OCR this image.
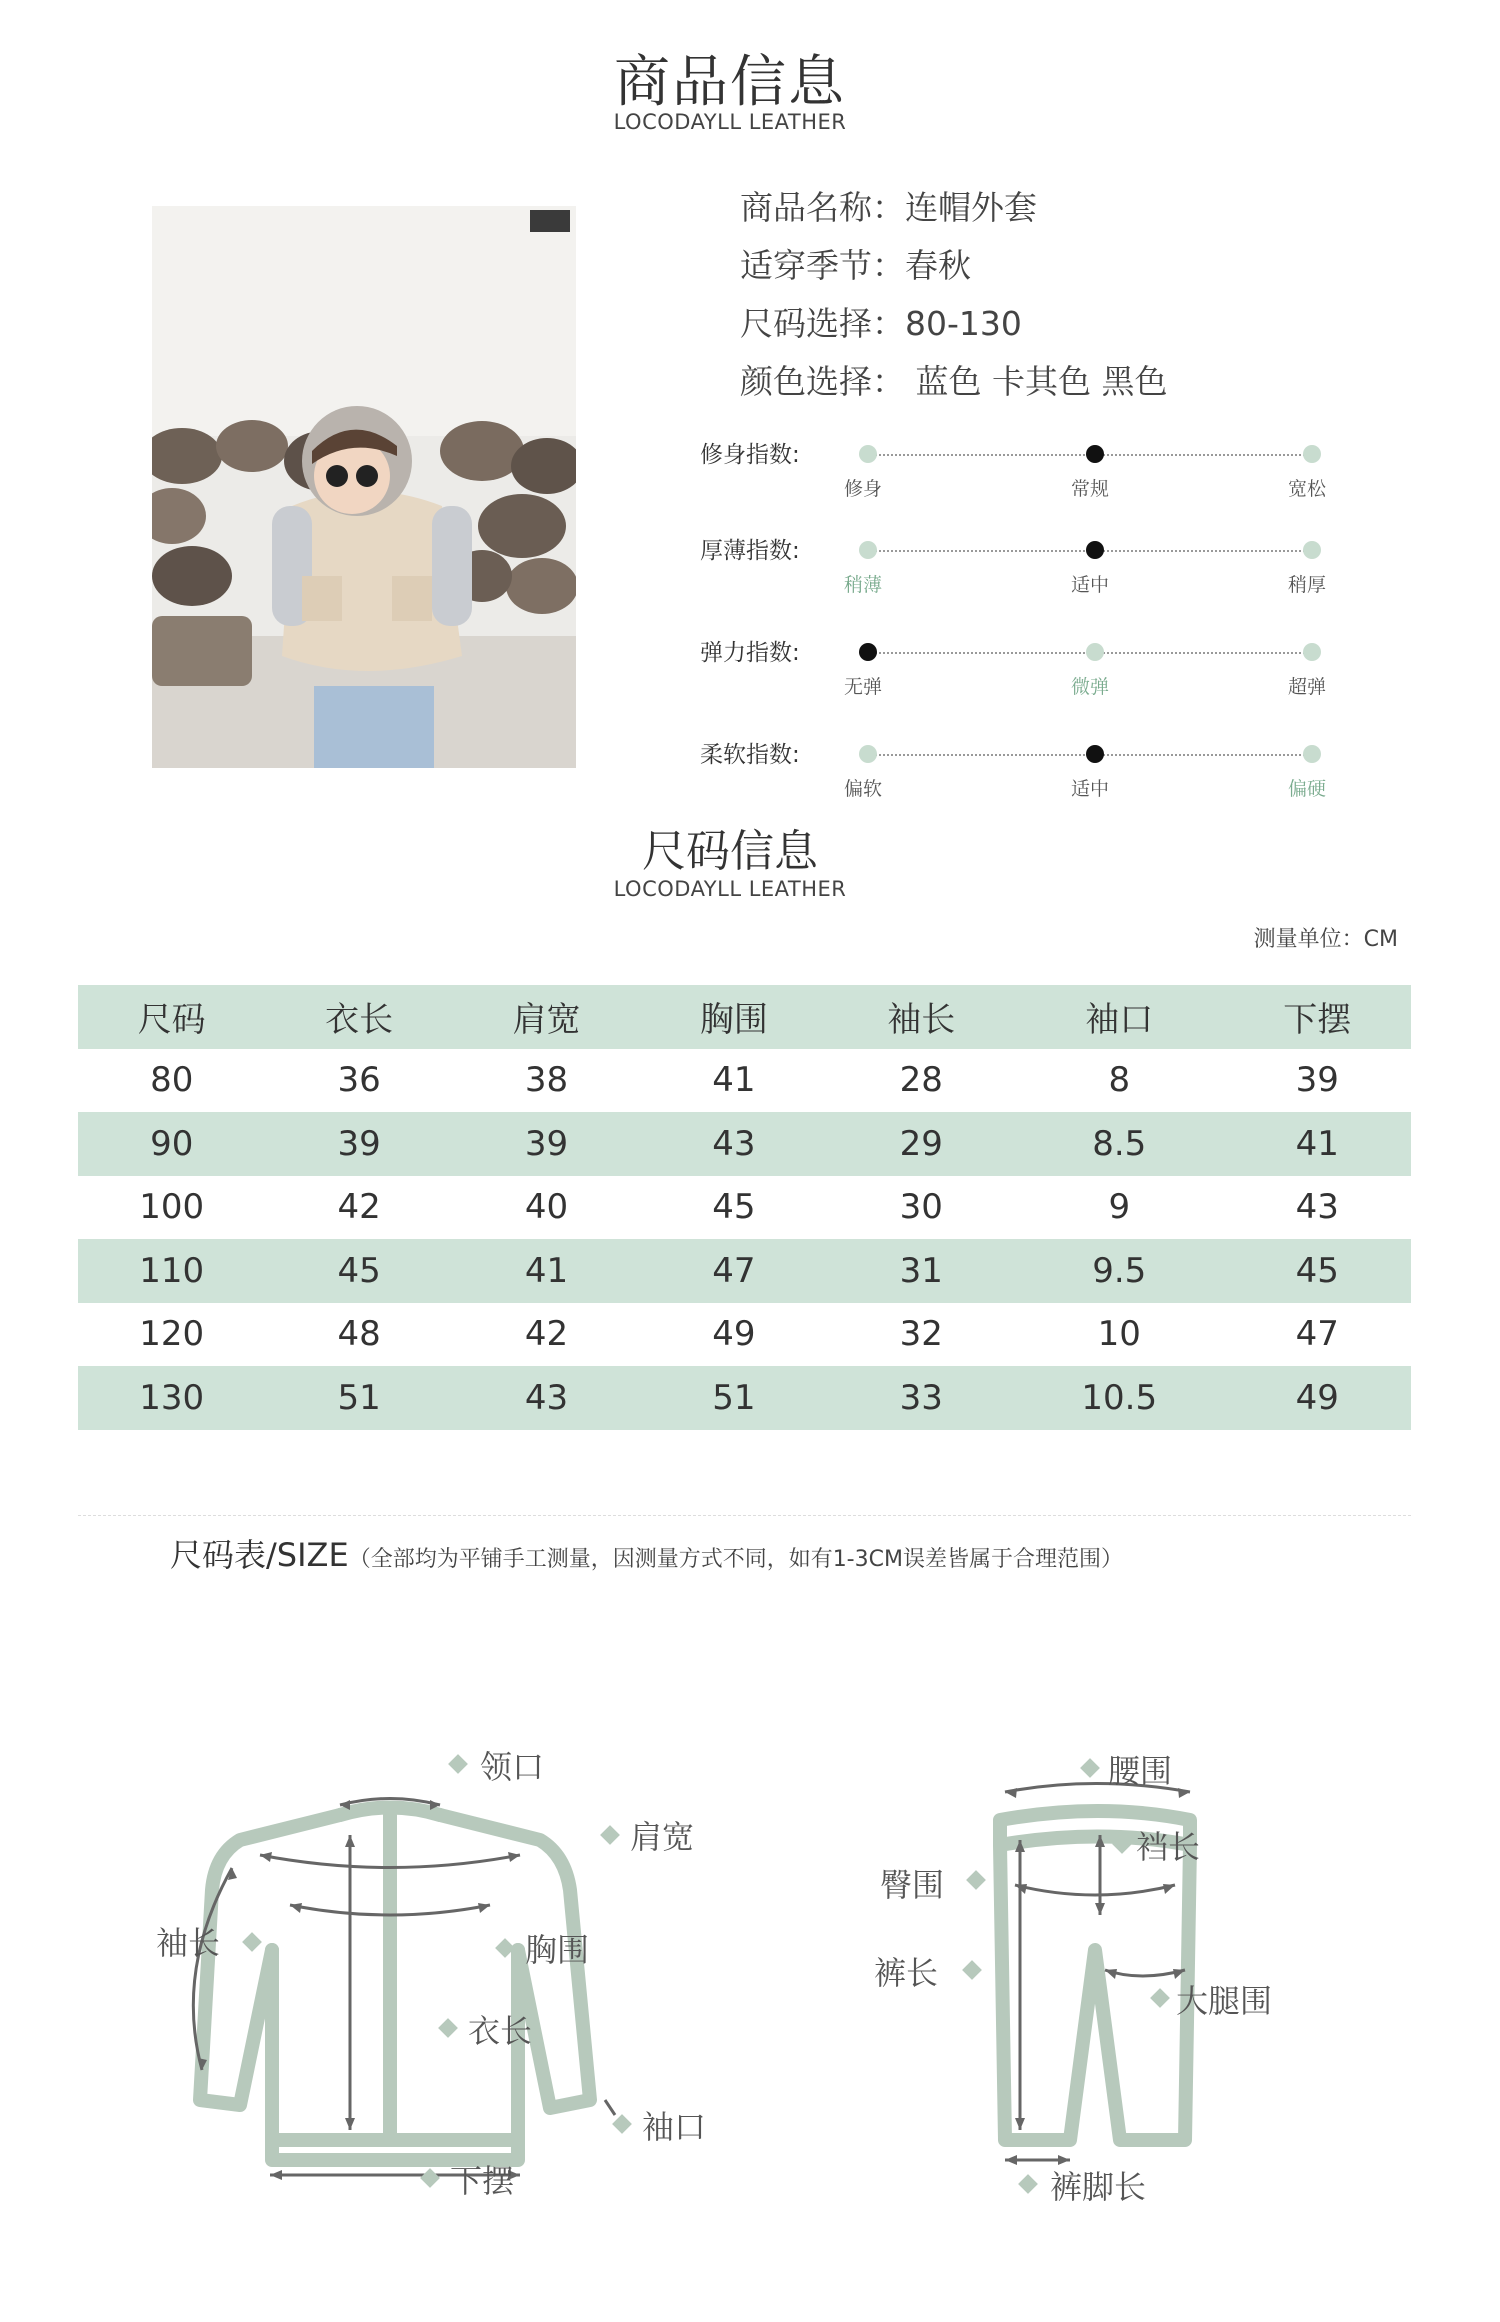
商品信息
LOCODAYLL LEATHER
商品名称：连帽外套
适穿季节：春秋
尺码选择：80-130
颜色选择： 蓝色 卡其色 黑色
修身指数:
修身	常规	宽松
厚薄指数:
稍薄	适中	稍厚
弹力指数:
无弹	微弹	超弹
柔软指数:
偏软	适中	偏硬
尺码信息
LOCODAYLL LEATHER
测量单位：CM
尺码	衣长	肩宽	胸围	袖长	袖口	下摆
80	36	38	41	28	8	39
90	39	39	43	29	8.5	41
100	42	40	45	30	9	43
110	45	41	47	31	9.5	45
120	48	42	49	32	10	47
130	51	43	51	33	10.5	49
尺码表/SIZE（全部均为平铺手工测量，因测量方式不同，如有1-3CM误差皆属于合理范围）
领口
肩宽
袖长	胸围
衣长
袖口
下摆
腰围
裆长
臀围
裤长
大腿围
裤脚长
